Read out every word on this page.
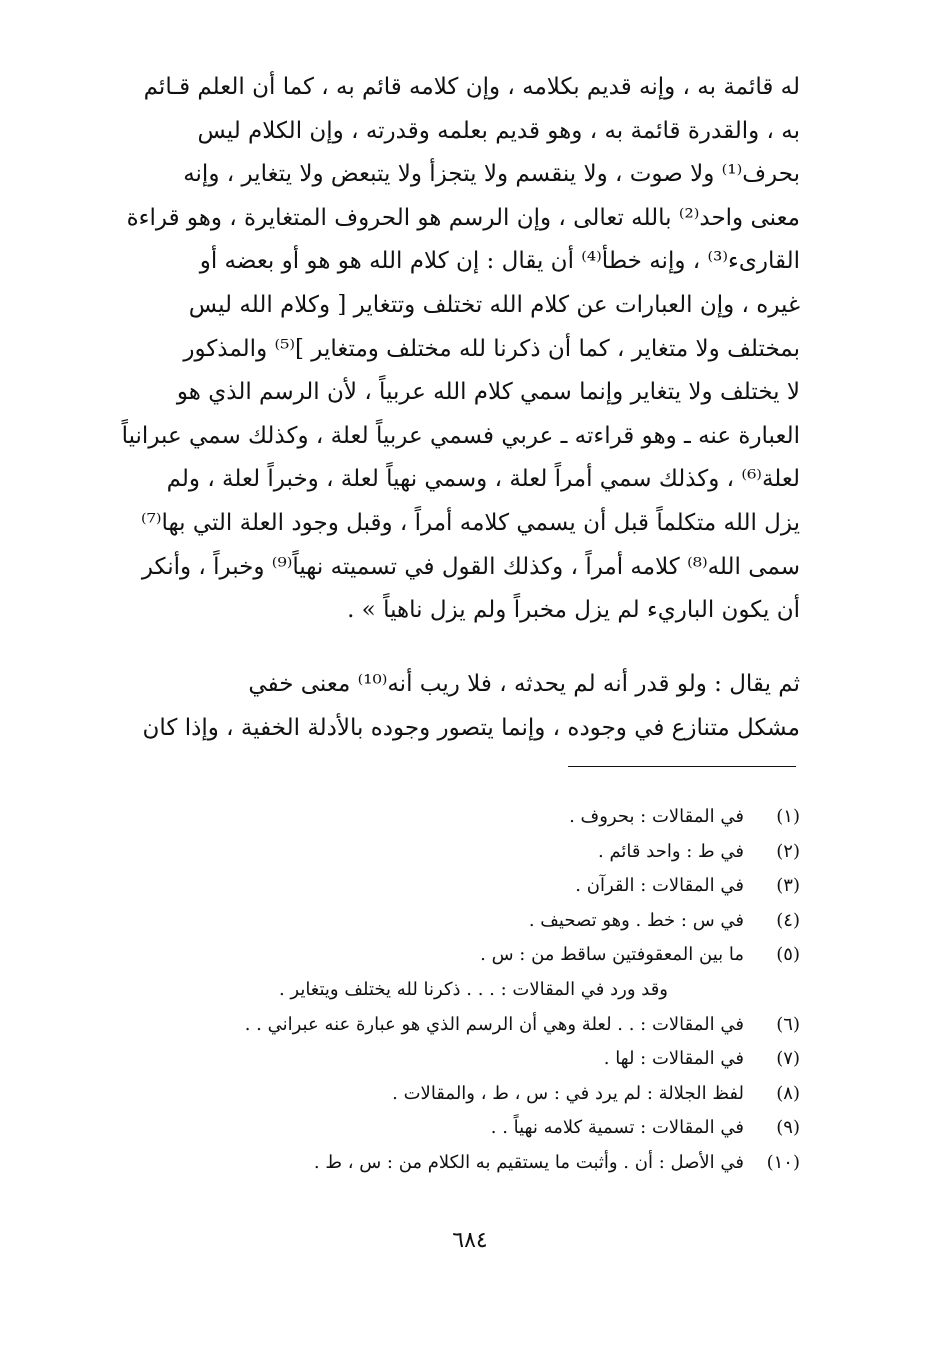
له قائمة به ، وإنه قديم بكلامه ، وإن كلامه قائم به ، كما أن العلم قـائم
به ، والقدرة قائمة به ، وهو قديم بعلمه وقدرته ، وإن الكلام ليس
بحرف⁽¹⁾ ولا صوت ، ولا ينقسم ولا يتجزأ ولا يتبعض ولا يتغاير ، وإنه
معنى واحد⁽²⁾ بالله تعالى ، وإن الرسم هو الحروف المتغايرة ، وهو قراءة
القارىء⁽³⁾ ، وإنه خطأ⁽⁴⁾ أن يقال : إن كلام الله هو هو أو بعضه أو
غيره ، وإن العبارات عن كلام الله تختلف وتتغاير [ وكلام الله ليس
بمختلف ولا متغاير ، كما أن ذكرنا لله مختلف ومتغاير ]⁽⁵⁾ والمذكور
لا يختلف ولا يتغاير وإنما سمي كلام الله عربياً ، لأن الرسم الذي هو
العبارة عنه ـ وهو قراءته ـ عربي فسمي عربياً لعلة ، وكذلك سمي عبرانياً
لعلة⁽⁶⁾ ، وكذلك سمي أمراً لعلة ، وسمي نهياً لعلة ، وخبراً لعلة ، ولم
يزل الله متكلماً قبل أن يسمي كلامه أمراً ، وقبل وجود العلة التي بها⁽⁷⁾
سمى الله⁽⁸⁾ كلامه أمراً ، وكذلك القول في تسميته نهياً⁽⁹⁾ وخبراً ، وأنكر
أن يكون الباريء لم يزل مخبراً ولم يزل ناهياً » .
ثم يقال : ولو قدر أنه لم يحدثه ، فلا ريب أنه⁽¹⁰⁾ معنى خفي
مشكل متنازع في وجوده ، وإنما يتصور وجوده بالأدلة الخفية ، وإذا كان
(١)
في المقالات : بحروف .
(٢)
في ط : واحد قائم .
(٣)
في المقالات : القرآن .
(٤)
في س : خط . وهو تصحيف .
(٥)
ما بين المعقوفتين ساقط من : س .
وقد ورد في المقالات : . . . ذكرنا لله يختلف ويتغاير .
(٦)
في المقالات : . . لعلة وهي أن الرسم الذي هو عبارة عنه عبراني . .
(٧)
في المقالات : لها .
(٨)
لفظ الجلالة : لم يرد في : س ، ط ، والمقالات .
(٩)
في المقالات : تسمية كلامه نهياً . .
(١٠)
في الأصل : أن . وأثبت ما يستقيم به الكلام من : س ، ط .
٦٨٤
